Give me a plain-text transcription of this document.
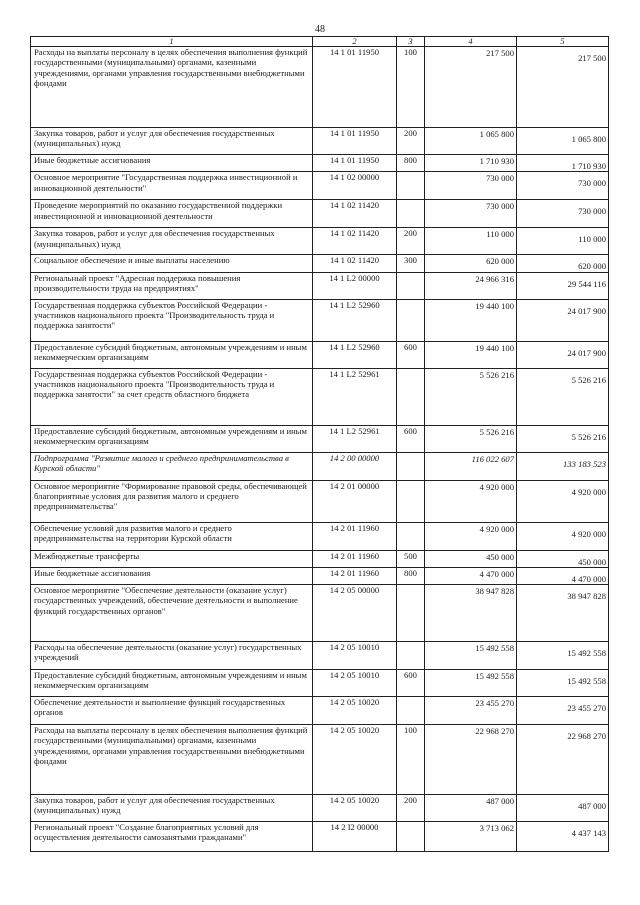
48
1	2	3	4	5
Расходы на выплаты персоналу в целях обеспечения выполнения функций государственными (муниципальными) органами, казенными учреждениями, органами управления государственными внебюджетными фондами	14 1 01 11950	100	217 500	217 500
Закупка товаров, работ и услуг для обеспечения государственных (муниципальных) нужд	14 1 01 11950	200	1 065 800	1 065 800
Иные бюджетные ассигнования	14 1 01 11950	800	1 710 930	1 710 930
Основное мероприятие "Государственная поддержка инвестиционной и инновационной деятельности"	14 1 02 00000		730 000	730 000
Проведение мероприятий по оказанию государственной поддержки инвестиционной и инновационной деятельности	14 1 02 11420		730 000	730 000
Закупка товаров, работ и услуг для обеспечения государственных (муниципальных) нужд	14 1 02 11420	200	110 000	110 000
Социальное обеспечение и иные выплаты населению	14 1 02 11420	300	620 000	620 000
Региональный проект "Адресная поддержка повышения производительности труда на предприятиях"	14 1 L2 00000		24 966 316	29 544 116
Государственная поддержка субъектов Российской Федерации - участников национального проекта "Производительность труда и поддержка занятости"	14 1 L2 52960		19 440 100	24 017 900
Предоставление субсидий бюджетным, автономным учреждениям и иным некоммерческим организациям	14 1 L2 52960	600	19 440 100	24 017 900
Государственная поддержка субъектов Российской Федерации - участников национального проекта "Производительность труда и поддержка занятости" за счет средств областного бюджета	14 1 L2 52961		5 526 216	5 526 216
Предоставление субсидий бюджетным, автономным учреждениям и иным некоммерческим организациям	14 1 L2 52961	600	5 526 216	5 526 216
Подпрограмма "Развитие малого и среднего предпринимательства в Курской области"	14 2 00 00000		116 022 607	133 183 523
Основное мероприятие "Формирование правовой среды, обеспечивающей благоприятные условия для развития малого и среднего предпринимательства"	14 2 01 00000		4 920 000	4 920 000
Обеспечение условий для развития малого и среднего предпринимательства на территории Курской области	14 2 01 11960		4 920 000	4 920 000
Межбюджетные трансферты	14 2 01 11960	500	450 000	450 000
Иные бюджетные ассигнования	14 2 01 11960	800	4 470 000	4 470 000
Основное мероприятие "Обеспечение деятельности (оказание услуг) государственных учреждений, обеспечение деятельности и выполнение функций государственных органов"	14 2 05 00000		38 947 828	38 947 828
Расходы на обеспечение деятельности (оказание услуг) государственных учреждений	14 2 05 10010		15 492 558	15 492 558
Предоставление субсидий бюджетным, автономным учреждениям и иным некоммерческим организациям	14 2 05 10010	600	15 492 558	15 492 558
Обеспечение деятельности и выполнение функций государственных органов	14 2 05 10020		23 455 270	23 455 270
Расходы на выплаты персоналу в целях обеспечения выполнения функций государственными (муниципальными) органами, казенными учреждениями, органами управления государственными внебюджетными фондами	14 2 05 10020	100	22 968 270	22 968 270
Закупка товаров, работ и услуг для обеспечения государственных (муниципальных) нужд	14 2 05 10020	200	487 000	487 000
Региональный проект "Создание благоприятных условий для осуществления деятельности самозанятыми гражданами"	14 2 I2 00000		3 713 062	4 437 143
